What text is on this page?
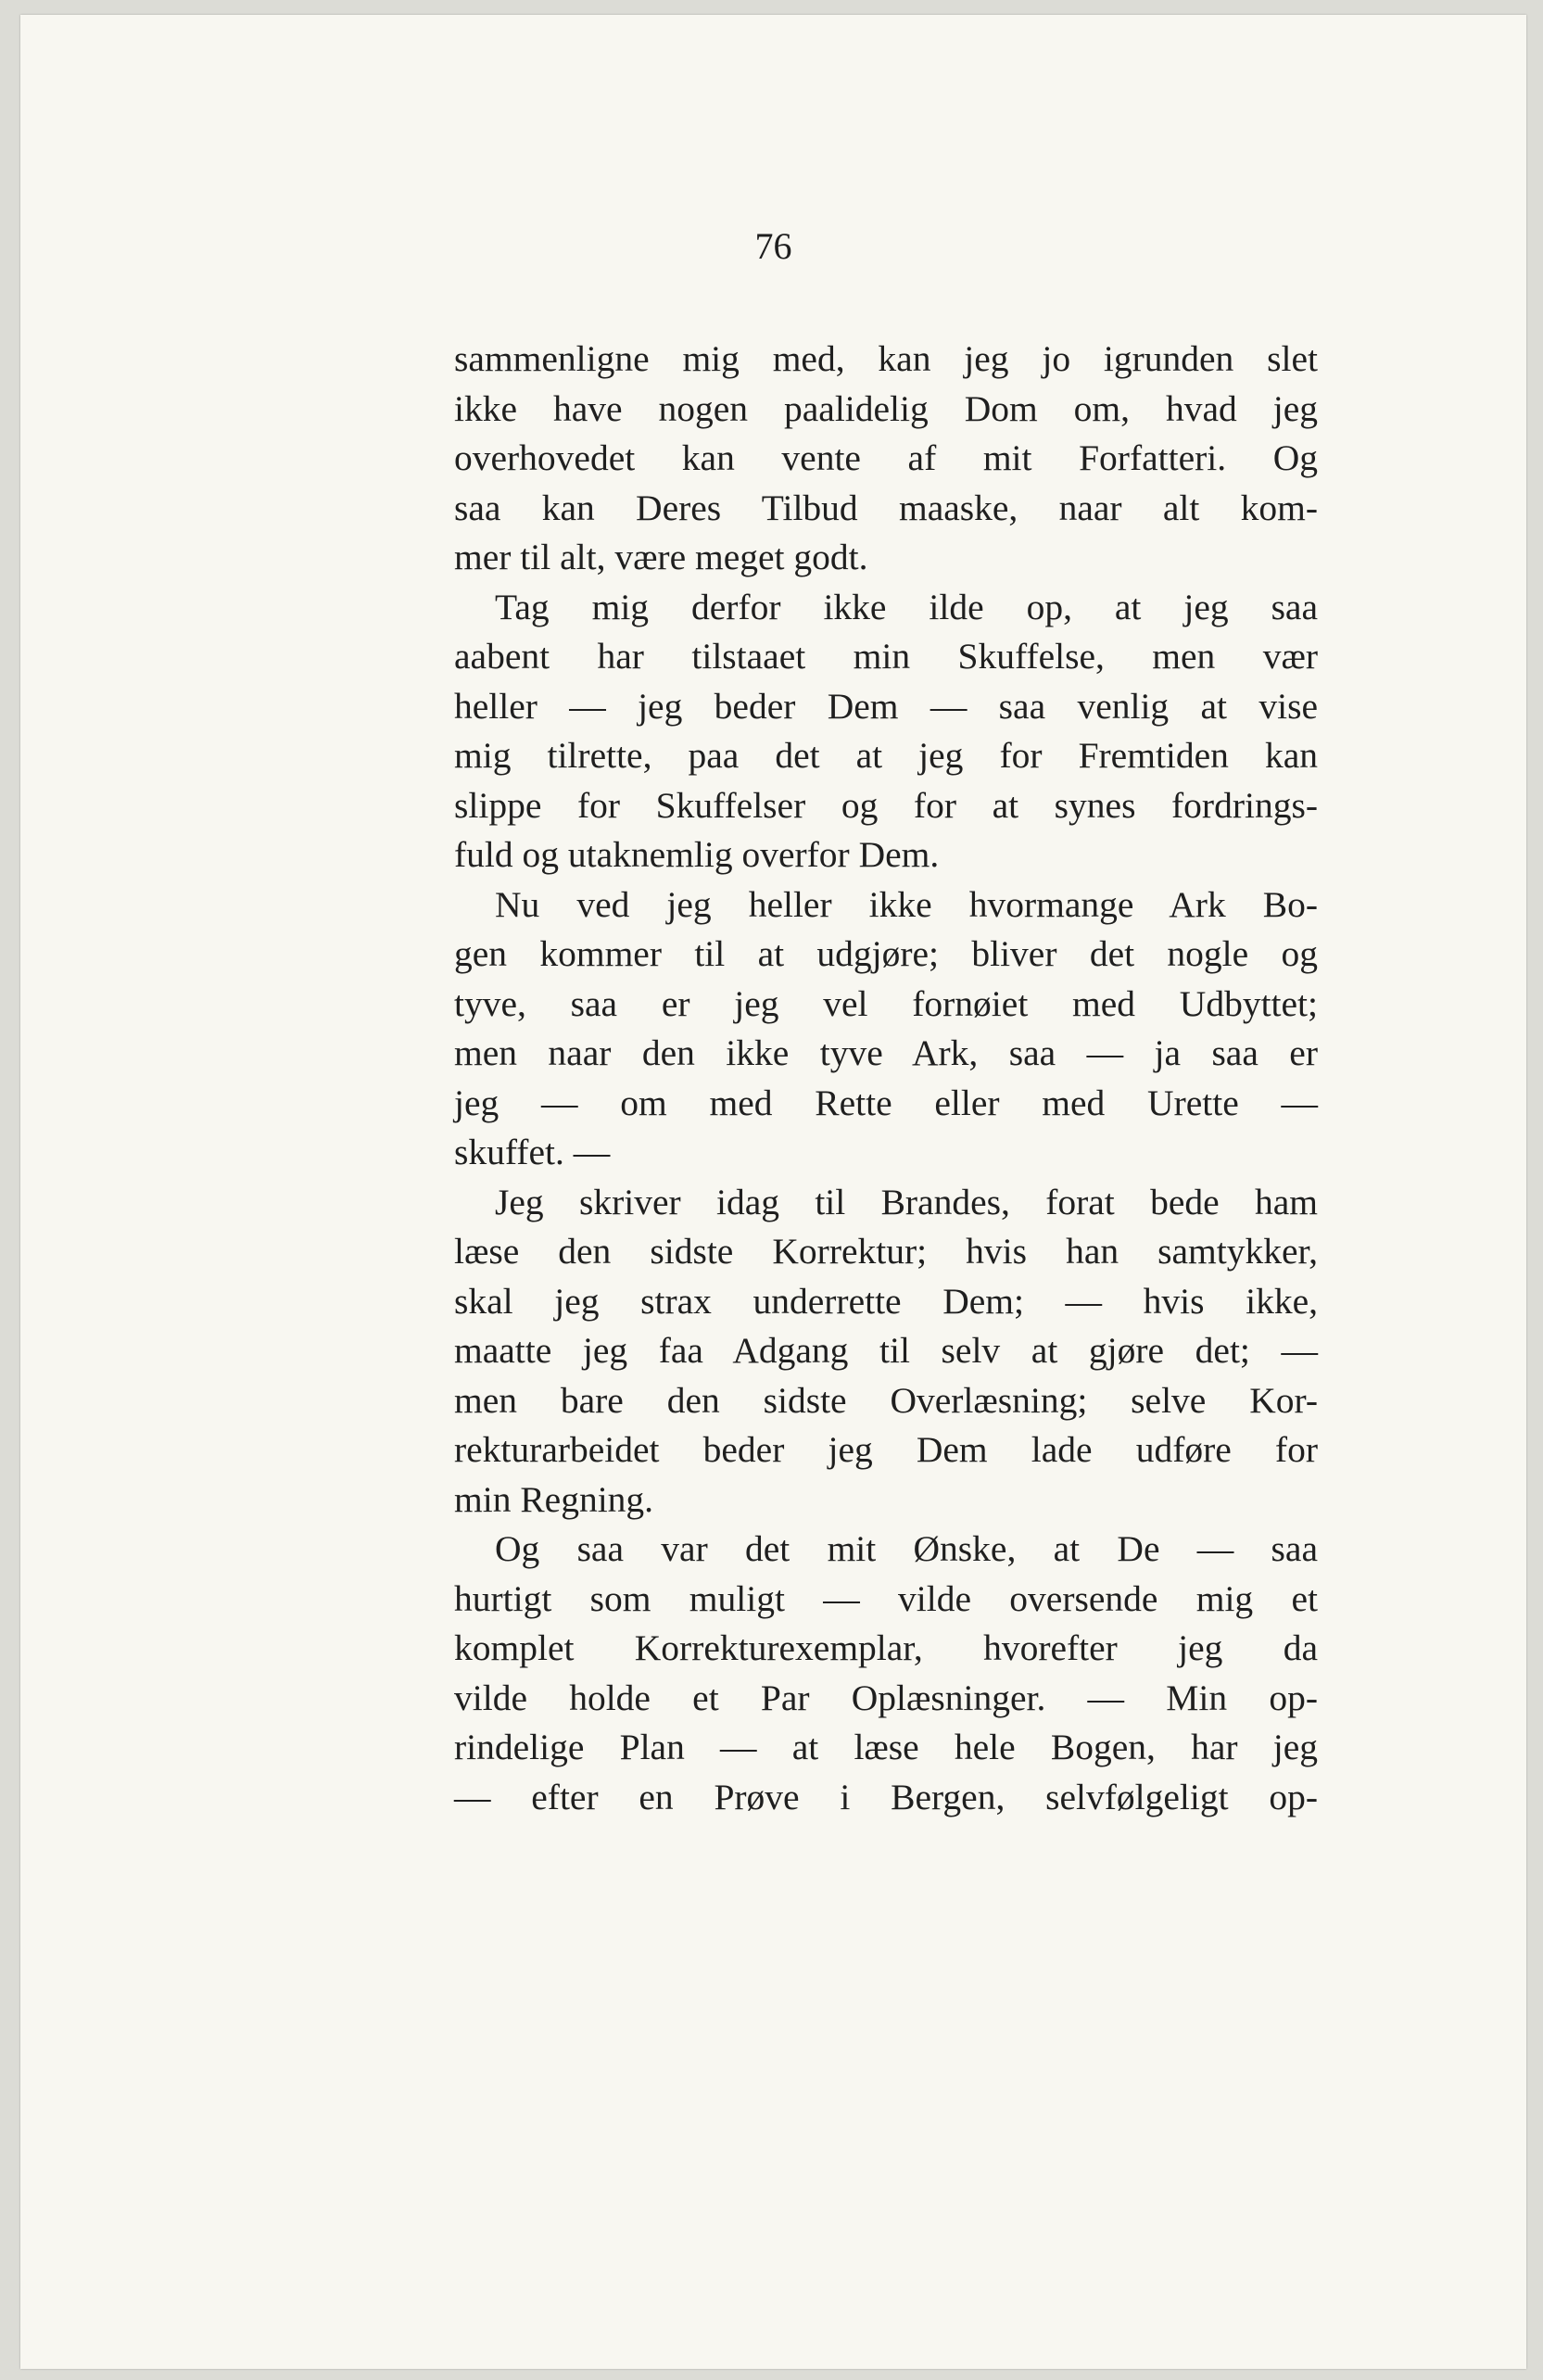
76
sammenligne mig med, kan jeg jo igrunden slet
ikke have nogen paalidelig Dom om, hvad jeg
overhovedet kan vente af mit Forfatteri. Og
saa kan Deres Tilbud maaske, naar alt kom-
mer til alt, være meget godt.
Tag mig derfor ikke ilde op, at jeg saa
aabent har tilstaaet min Skuffelse, men vær
heller — jeg beder Dem — saa venlig at vise
mig tilrette, paa det at jeg for Fremtiden kan
slippe for Skuffelser og for at synes fordrings-
fuld og utaknemlig overfor Dem.
Nu ved jeg heller ikke hvormange Ark Bo-
gen kommer til at udgjøre; bliver det nogle og
tyve, saa er jeg vel fornøiet med Udbyttet;
men naar den ikke tyve Ark, saa — ja saa er
jeg — om med Rette eller med Urette —
skuffet. —
Jeg skriver idag til Brandes, forat bede ham
læse den sidste Korrektur; hvis han samtykker,
skal jeg strax underrette Dem; — hvis ikke,
maatte jeg faa Adgang til selv at gjøre det; —
men bare den sidste Overlæsning; selve Kor-
rekturarbeidet beder jeg Dem lade udføre for
min Regning.
Og saa var det mit Ønske, at De — saa
hurtigt som muligt — vilde oversende mig et
komplet Korrekturexemplar, hvorefter jeg da
vilde holde et Par Oplæsninger. — Min op-
rindelige Plan — at læse hele Bogen, har jeg
— efter en Prøve i Bergen, selvfølgeligt op-
